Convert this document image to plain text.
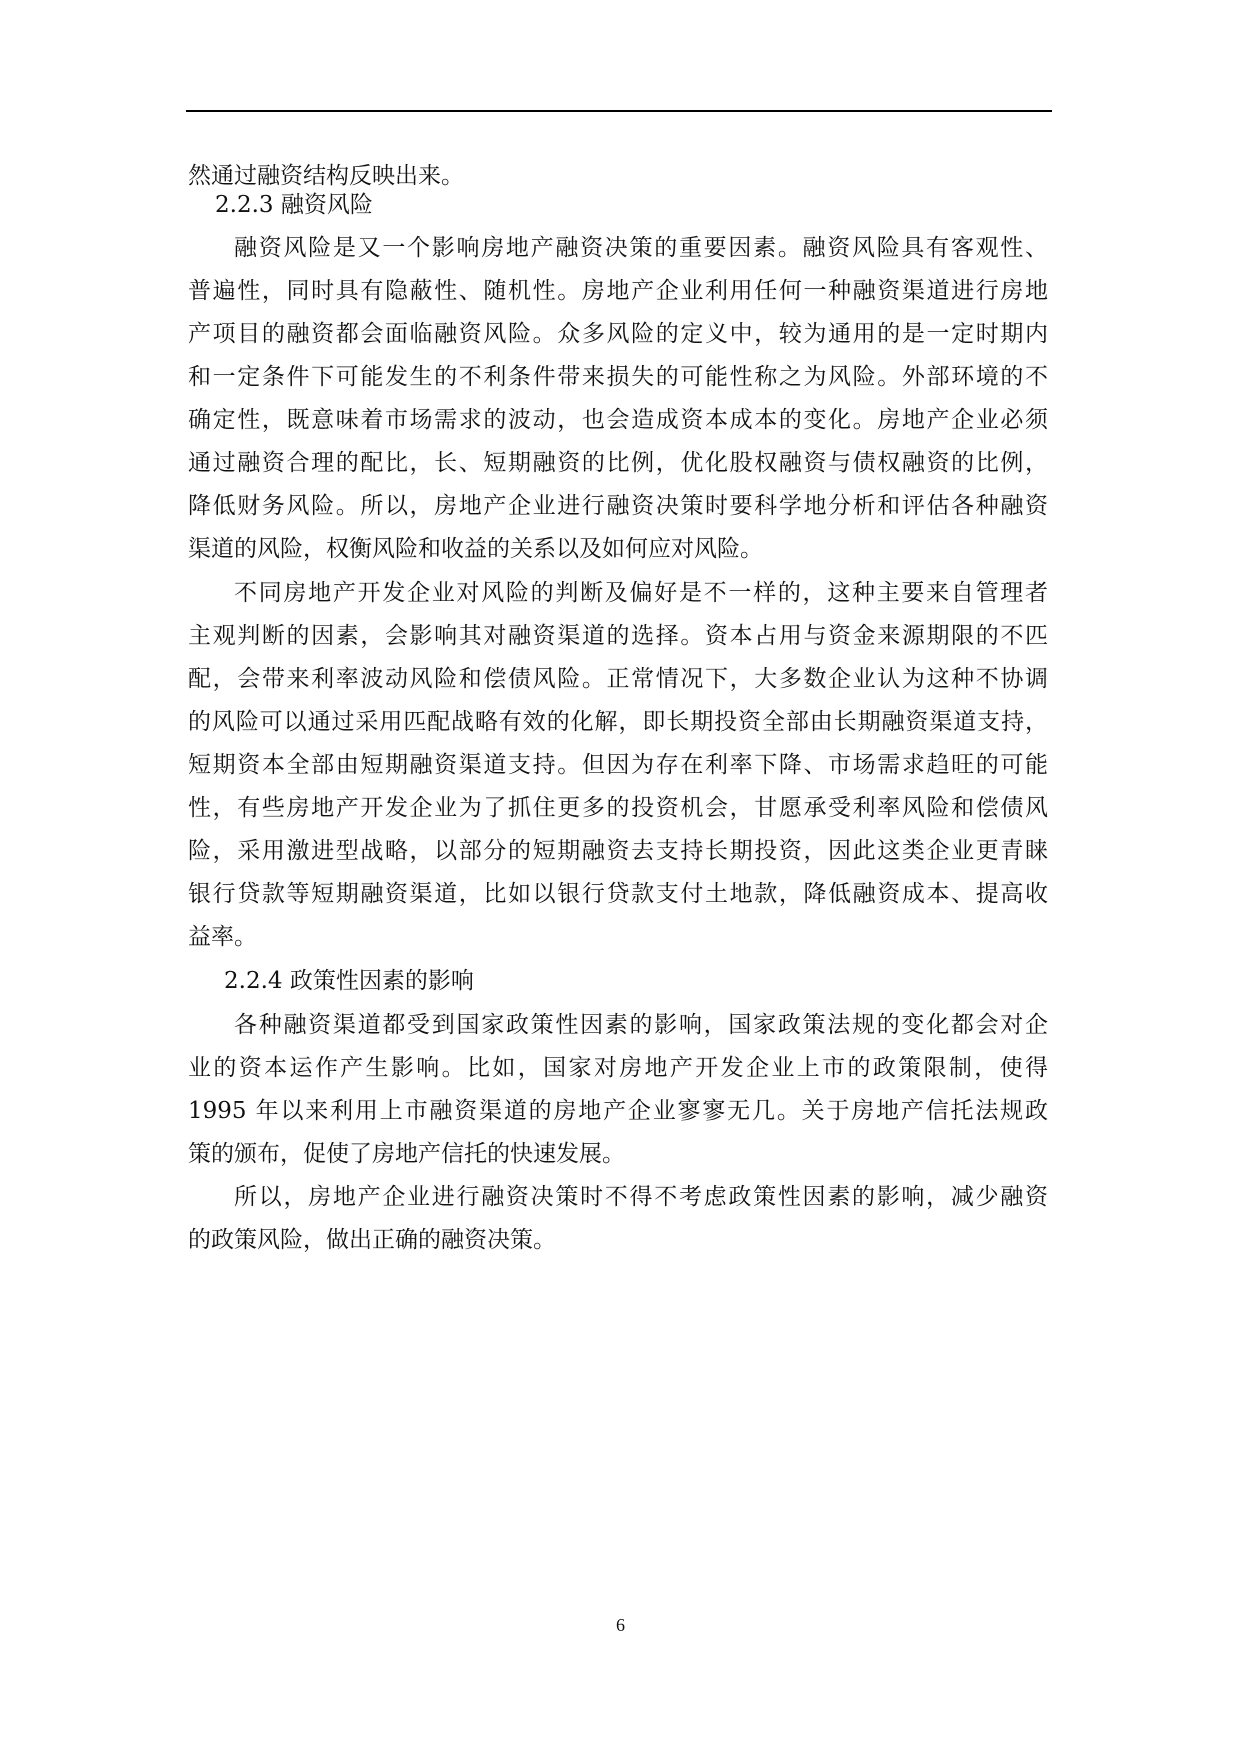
然通过融资结构反映出来。
2.2.3 融资风险
融资风险是又一个影响房地产融资决策的重要因素。融资风险具有客观性、
普遍性，同时具有隐蔽性、随机性。房地产企业利用任何一种融资渠道进行房地
产项目的融资都会面临融资风险。众多风险的定义中，较为通用的是一定时期内
和一定条件下可能发生的不利条件带来损失的可能性称之为风险。外部环境的不
确定性，既意味着市场需求的波动，也会造成资本成本的变化。房地产企业必须
通过融资合理的配比，长、短期融资的比例，优化股权融资与债权融资的比例，
降低财务风险。所以，房地产企业进行融资决策时要科学地分析和评估各种融资
渠道的风险，权衡风险和收益的关系以及如何应对风险。
不同房地产开发企业对风险的判断及偏好是不一样的，这种主要来自管理者
主观判断的因素，会影响其对融资渠道的选择。资本占用与资金来源期限的不匹
配，会带来利率波动风险和偿债风险。正常情况下，大多数企业认为这种不协调
的风险可以通过采用匹配战略有效的化解，即长期投资全部由长期融资渠道支持，
短期资本全部由短期融资渠道支持。但因为存在利率下降、市场需求趋旺的可能
性，有些房地产开发企业为了抓住更多的投资机会，甘愿承受利率风险和偿债风
险，采用激进型战略，以部分的短期融资去支持长期投资，因此这类企业更青睐
银行贷款等短期融资渠道，比如以银行贷款支付土地款，降低融资成本、提高收
益率。
2.2.4 政策性因素的影响
各种融资渠道都受到国家政策性因素的影响，国家政策法规的变化都会对企
业的资本运作产生影响。比如，国家对房地产开发企业上市的政策限制，使得
1995 年以来利用上市融资渠道的房地产企业寥寥无几。关于房地产信托法规政
策的颁布，促使了房地产信托的快速发展。
所以，房地产企业进行融资决策时不得不考虑政策性因素的影响，减少融资
的政策风险，做出正确的融资决策。
6
